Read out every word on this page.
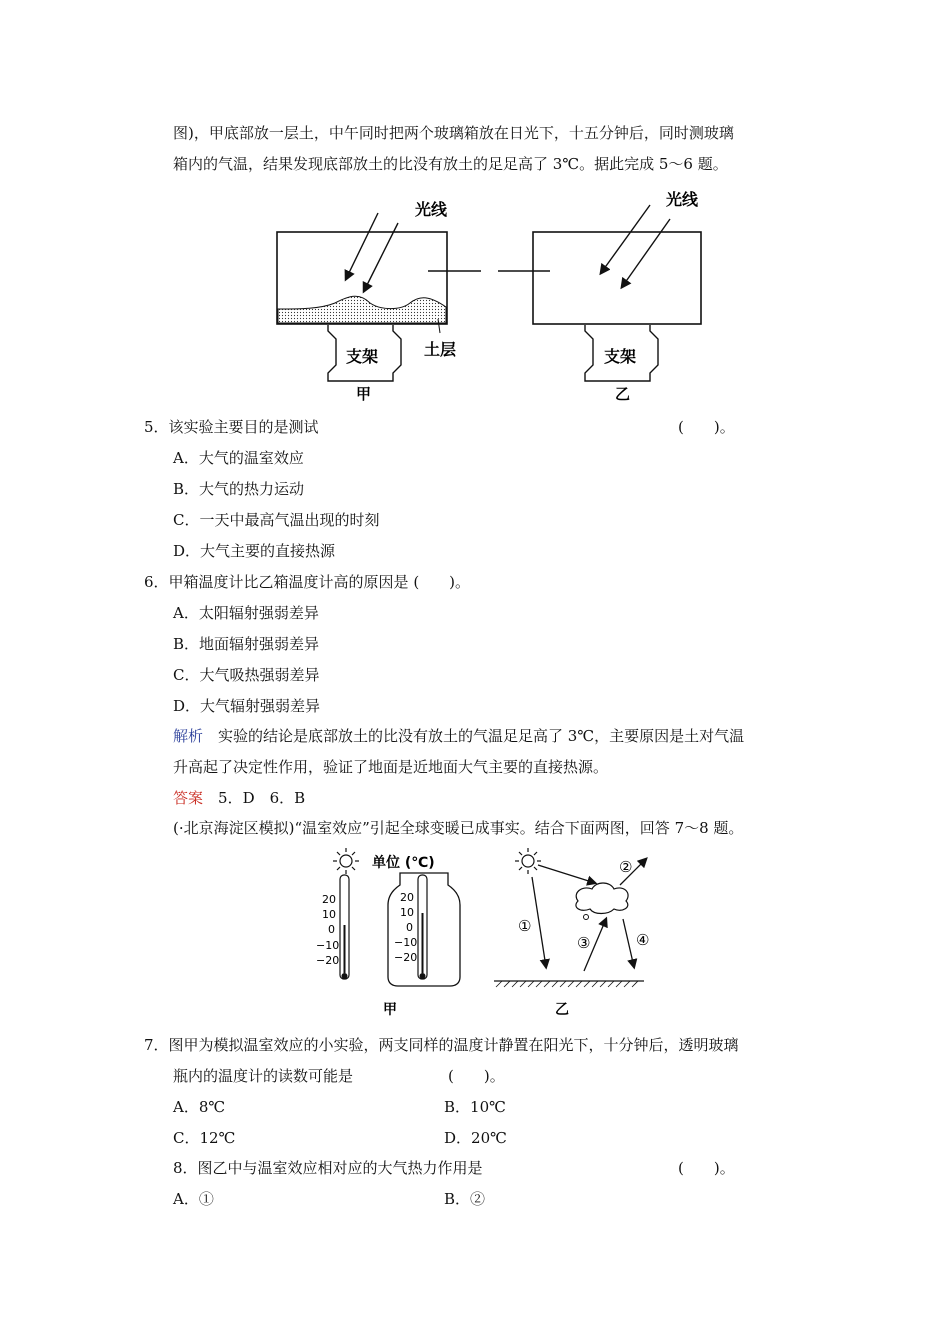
图)，甲底部放一层土，中午同时把两个玻璃箱放在日光下，十五分钟后，同时测玻璃
箱内的气温，结果发现底部放土的比没有放土的足足高了 3℃。据此完成 5～6 题。
光线
支架	土层
甲
光线
支架
乙
5．该实验主要目的是测试	(　　)。
A．大气的温室效应
B．大气的热力运动
C．一天中最高气温出现的时刻
D．大气主要的直接热源
6．甲箱温度计比乙箱温度计高的原因是 (　　)。
A．太阳辐射强弱差异
B．地面辐射强弱差异
C．大气吸热强弱差异
D．大气辐射强弱差异
解析　 实验的结论是底部放土的比没有放土的气温足足高了 3℃，主要原因是土对气温
升高起了决定性作用，验证了地面是近地面大气主要的直接热源。
答案　 5．D　6．B
(·北京海淀区模拟)“温室效应”引起全球变暖已成事实。结合下面两图，回答 7～8 题。
单位 (℃)
20
10
0
−10
−20
20
10
0
−10
−20
甲
①
②
③	④
乙
7．图甲为模拟温室效应的小实验，两支同样的温度计静置在阳光下，十分钟后，透明玻璃
瓶内的温度计的读数可能是	(　　)。
A．8℃	B．10℃
C．12℃	D．20℃
8．图乙中与温室效应相对应的大气热力作用是	(　　)。
A．①	B．②
